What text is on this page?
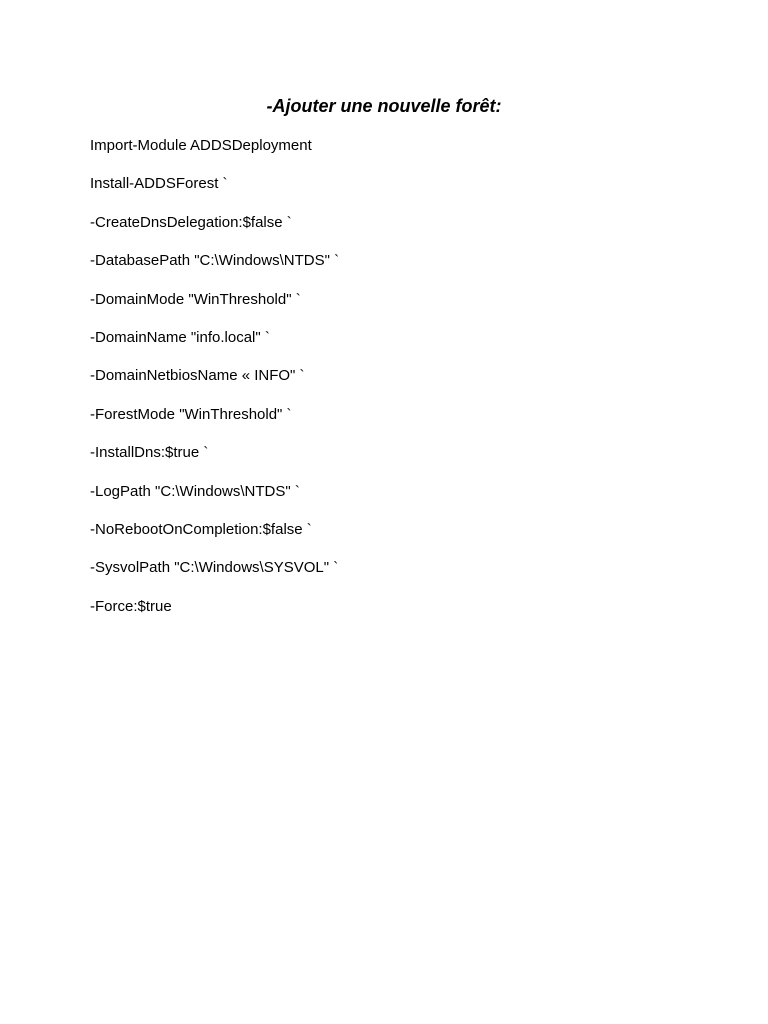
-Ajouter une nouvelle forêt:
Import-Module ADDSDeployment
Install-ADDSForest `
-CreateDnsDelegation:$false `
-DatabasePath "C:\Windows\NTDS" `
-DomainMode "WinThreshold" `
-DomainName "info.local" `
-DomainNetbiosName « INFO" `
-ForestMode "WinThreshold" `
-InstallDns:$true `
-LogPath "C:\Windows\NTDS" `
-NoRebootOnCompletion:$false `
-SysvolPath "C:\Windows\SYSVOL" `
-Force:$true
